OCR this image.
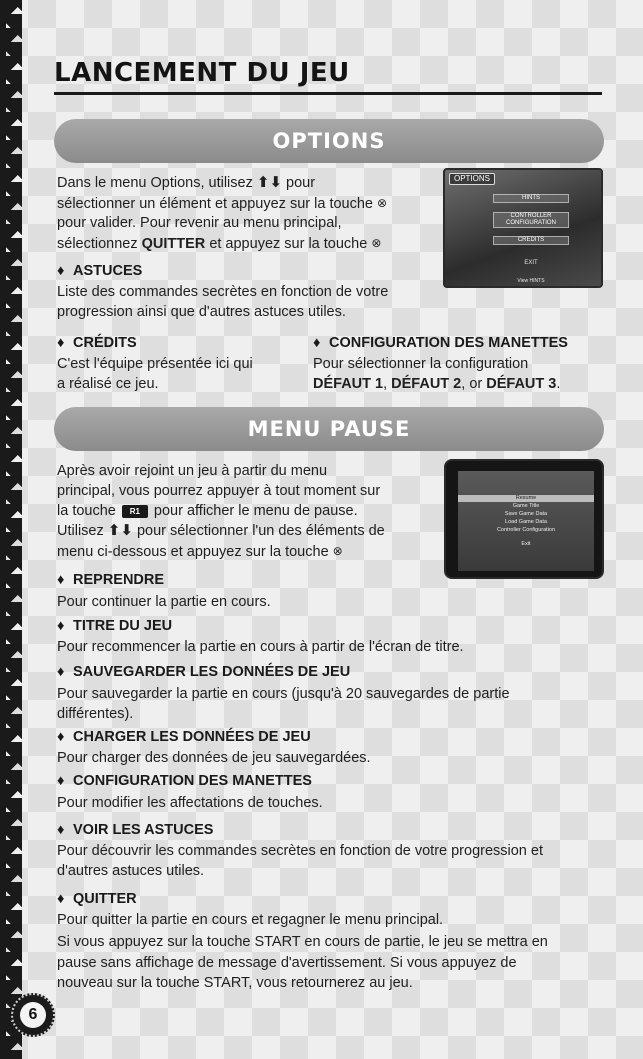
LANCEMENT DU JEU
OPTIONS
Dans le menu Options, utilisez ⬆⬇ pour
sélectionner un élément et appuyez sur la touche ⊗
pour valider. Pour revenir au menu principal,
sélectionnez QUITTER et appuyez sur la touche ⊗
♦ ASTUCES
Liste des commandes secrètes en fonction de votre
progression ainsi que d'autres astuces utiles.
♦ CRÉDITS
C'est l'équipe présentée ici qui
a réalisé ce jeu.
♦ CONFIGURATION DES MANETTES
Pour sélectionner la configuration
DÉFAUT 1, DÉFAUT 2, or DÉFAUT 3.
OPTIONS
HINTS
CONTROLLER
CONFIGURATION
CREDITS
EXIT
View HINTS
MENU PAUSE
Après avoir rejoint un jeu à partir du menu
principal, vous pourrez appuyer à tout moment sur
la touche R1 pour afficher le menu de pause.
Utilisez ⬆⬇ pour sélectionner l'un des éléments de
menu ci-dessous et appuyez sur la touche ⊗
Resume
Game Title
Save Game Data
Load Game Data
Controller Configuration
Exit
♦ REPRENDRE
Pour continuer la partie en cours.
♦ TITRE DU JEU
Pour recommencer la partie en cours à partir de l'écran de titre.
♦ SAUVEGARDER LES DONNÉES DE JEU
Pour sauvegarder la partie en cours (jusqu'à 20 sauvegardes de partie
différentes).
♦ CHARGER LES DONNÉES DE JEU
Pour charger des données de jeu sauvegardées.
♦ CONFIGURATION DES MANETTES
Pour modifier les affectations de touches.
♦ VOIR LES ASTUCES
Pour découvrir les commandes secrètes en fonction de votre progression et
d'autres astuces utiles.
♦ QUITTER
Pour quitter la partie en cours et regagner le menu principal.
Si vous appuyez sur la touche START en cours de partie, le jeu se mettra en
pause sans affichage de message d'avertissement. Si vous appuyez de
nouveau sur la touche START, vous retournerez au jeu.
6
